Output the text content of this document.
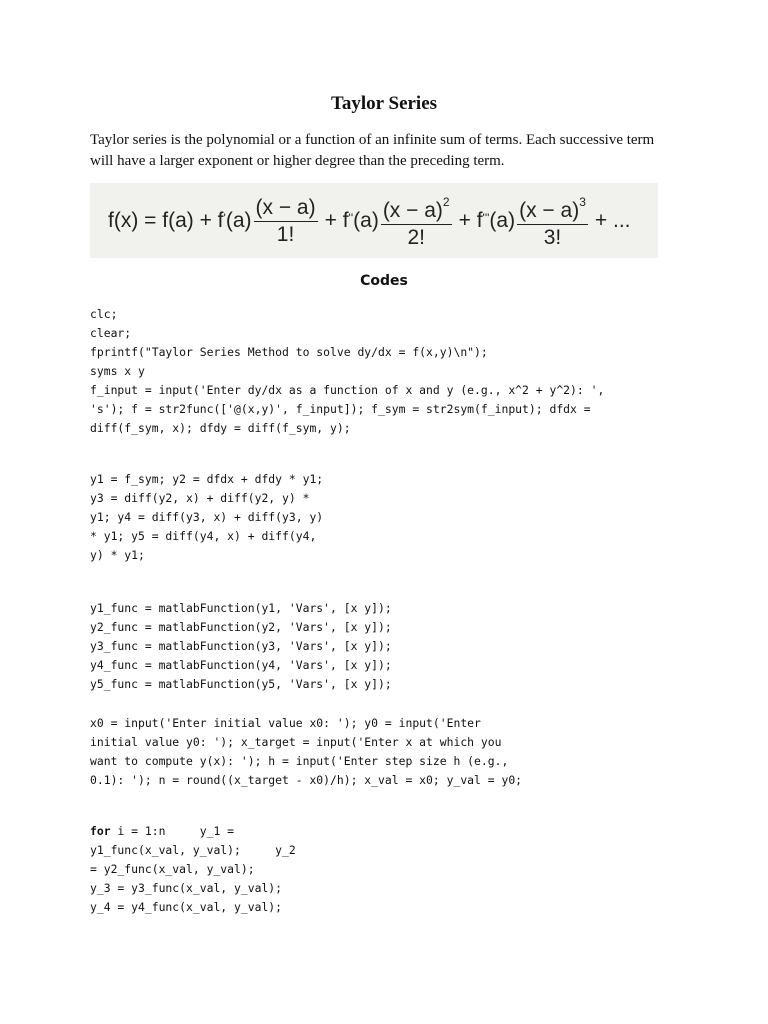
Taylor Series
Taylor series is the polynomial or a function of an infinite sum of terms. Each successive term will have a larger exponent or higher degree than the preceding term.
f(x) = f(a) + f' $(a) \frac{(x - a)}{1!} + f''$ $(a) \frac{(x - a)^2}{2!} + f'''$ $(a) \frac{(x - a)^3}{3!}$ + ...
Codes
clc;
clear;
fprintf("Taylor Series Method to solve dy/dx = f(x,y)\n");
syms x y
f_input = input('Enter dy/dx as a function of x and y (e.g., x^2 + y^2): ',
's'); f = str2func(['@(x,y)', f_input]); f_sym = str2sym(f_input); dfdx =
diff(f_sym, x); dfdy = diff(f_sym, y);
y1 = f_sym; y2 = dfdx + dfdy * y1;
y3 = diff(y2, x) + diff(y2, y) *
y1; y4 = diff(y3, x) + diff(y3, y)
* y1; y5 = diff(y4, x) + diff(y4,
y) * y1;
y1_func = matlabFunction(y1, 'Vars', [x y]);
y2_func = matlabFunction(y2, 'Vars', [x y]);
y3_func = matlabFunction(y3, 'Vars', [x y]);
y4_func = matlabFunction(y4, 'Vars', [x y]);
y5_func = matlabFunction(y5, 'Vars', [x y]);
x0 = input('Enter initial value x0: '); y0 = input('Enter
initial value y0: '); x_target = input('Enter x at which you
want to compute y(x): '); h = input('Enter step size h (e.g.,
0.1): '); n = round((x_target - x0)/h); x_val = x0; y_val = y0;
for i = 1:n     y_1 =
y1_func(x_val, y_val);     y_2
= y2_func(x_val, y_val);
y_3 = y3_func(x_val, y_val);
y_4 = y4_func(x_val, y_val);
